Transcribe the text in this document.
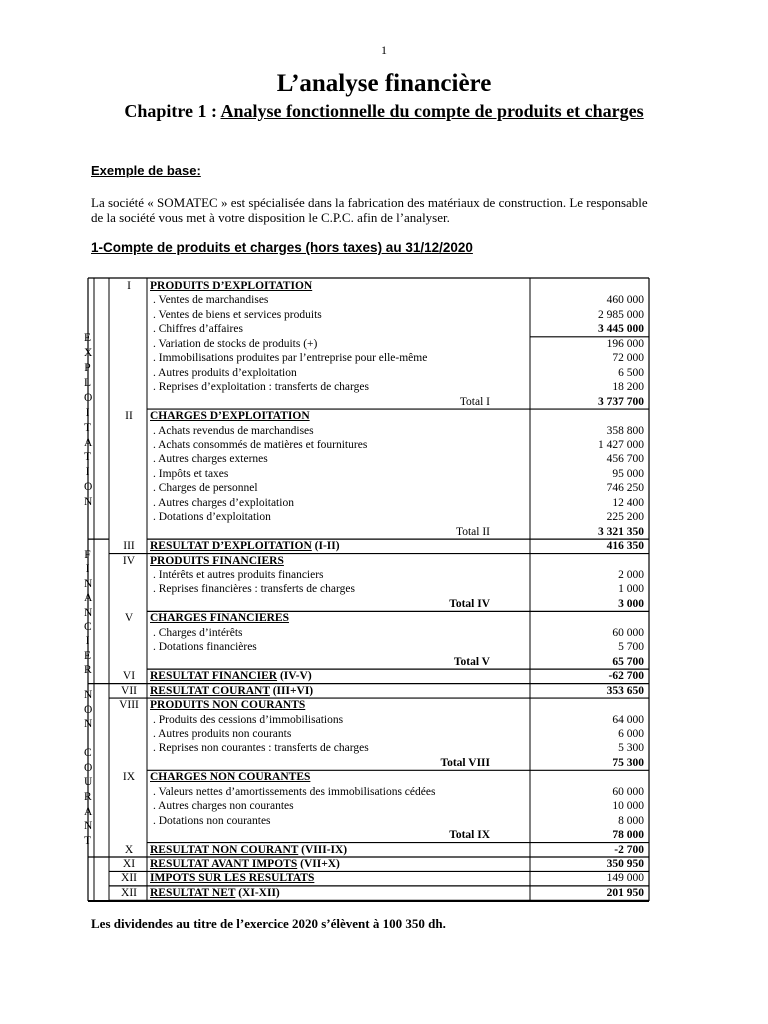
1
L’analyse financière
Chapitre 1 : Analyse fonctionnelle du compte de produits et charges
Exemple de base:
La société « SOMATEC » est spécialisée dans la fabrication des matériaux de construction. Le responsable de la société vous met à votre disposition le C.P.C. afin de l’analyser.
1-Compte de produits et charges (hors taxes) au 31/12/2020
I	PRODUITS D’EXPLOITATION
. Ventes de marchandises	460 000
. Ventes de biens et services produits	2 985 000
. Chiffres d’affaires	3 445 000
. Variation de stocks de produits (+)	196 000
. Immobilisations produites par l’entreprise pour elle-même	72 000
. Autres produits d’exploitation	6 500
. Reprises d’exploitation : transferts de charges	18 200
Total I	3 737 700
II	CHARGES D’EXPLOITATION
. Achats revendus de marchandises	358 800
. Achats consommés de matières et fournitures	1 427 000
. Autres charges externes	456 700
. Impôts et taxes	95 000
. Charges de personnel	746 250
. Autres charges d’exploitation	12 400
. Dotations d’exploitation	225 200
Total II	3 321 350
III	RESULTAT D’EXPLOITATION (I-II)	416 350
IV	PRODUITS FINANCIERS
. Intérêts et autres produits financiers	2 000
. Reprises financières : transferts de charges	1 000
Total IV	3 000
V	CHARGES FINANCIERES
. Charges d’intérêts	60 000
. Dotations financières	5 700
Total V	65 700
VI	RESULTAT FINANCIER (IV-V)	-62 700
VII	RESULTAT COURANT (III+VI)	353 650
VIII PRODUITS NON COURANTS
. Produits des cessions d’immobilisations	64 000
. Autres produits non courants	6 000
. Reprises non courantes : transferts de charges	5 300
Total VIII	75 300
IX	CHARGES NON COURANTES
. Valeurs nettes d’amortissements des immobilisations cédées	60 000
. Autres charges non courantes	10 000
. Dotations non courantes	8 000
Total IX	78 000
X	RESULTAT NON COURANT (VIII-IX)	-2 700
XI	RESULTAT AVANT IMPOTS (VII+X)	350 950
XII	IMPOTS SUR LES RESULTATS	149 000
XII	RESULTAT NET (XI-XII)	201 950
E
X
P
L
O
I
T
A
T
I
O
N
F
I
N
A
N
C
I
E
R
N
O
N
C
O
U
R
A
N
T
Les dividendes au titre de l’exercice 2020 s’élèvent à 100 350 dh.
